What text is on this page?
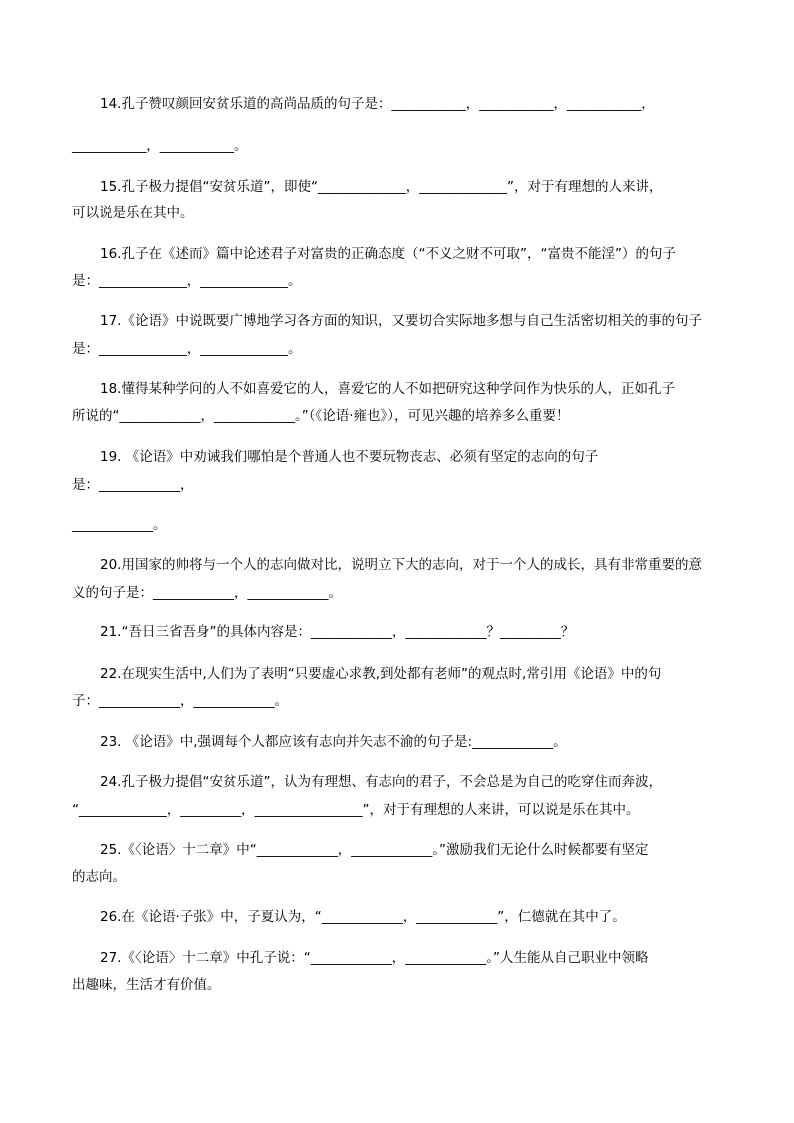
14.孔子赞叹颜回安贫乐道的高尚品质的句子是：___________，___________，___________，
___________，___________。
15.孔子极力提倡“安贫乐道”，即使“_____________，_____________”，对于有理想的人来讲，
可以说是乐在其中。
16.孔子在《述而》篇中论述君子对富贵的正确态度（“不义之财不可取”，“富贵不能淫”）的句子
是：_____________，_____________。
17.《论语》中说既要广博地学习各方面的知识，又要切合实际地多想与自己生活密切相关的事的句子
是：_____________，_____________。
18.懂得某种学问的人不如喜爱它的人，喜爱它的人不如把研究这种学问作为快乐的人，正如孔子
所说的“____________，____________。”（《论语·雍也》），可见兴趣的培养多么重要！
19. 《论语》中劝诫我们哪怕是个普通人也不要玩物丧志、必须有坚定的志向的句子
是：____________，
____________。
20.用国家的帅将与一个人的志向做对比，说明立下大的志向，对于一个人的成长，具有非常重要的意
义的句子是：____________，____________。
21.“吾日三省吾身”的具体内容是：____________，____________？_________？
22.在现实生活中,人们为了表明“只要虚心求教,到处都有老师”的观点时,常引用《论语》中的句
子：____________，____________。
23. 《论语》中,强调每个人都应该有志向并矢志不渝的句子是:____________。
24.孔子极力提倡“安贫乐道”，认为有理想、有志向的君子，不会总是为自己的吃穿住而奔波，
“_____________，_________，________________”，对于有理想的人来讲，可以说是乐在其中。
25.《〈论语〉十二章》中“____________，____________。”激励我们无论什么时候都要有坚定
的志向。
26.在《论语·子张》中，子夏认为，“____________，____________”，仁德就在其中了。
27.《〈论语〉十二章》中孔子说：“____________，____________。”人生能从自己职业中领略
出趣味，生活才有价值。
